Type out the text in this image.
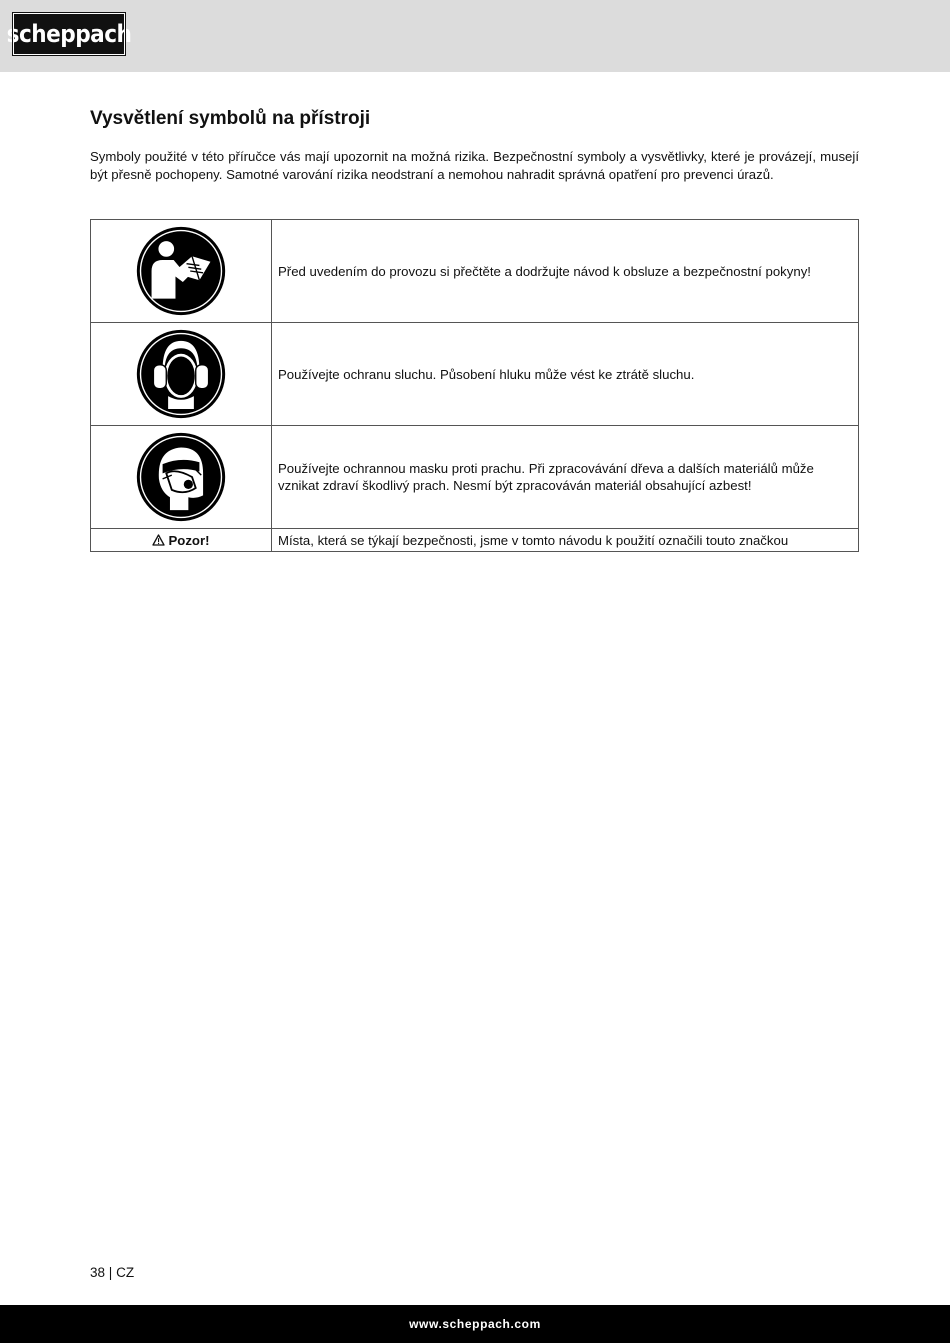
scheppach
Vysvětlení symbolů na přístroji

Symboly použité v této příručce vás mají upozornit na možná rizika. Bezpečnostní symboly a vysvětlivky, které je provázejí, musejí být přesně pochopeny. Samotné varování rizika neodstraní a nemohou nahradit správná opatření pro prevenci úrazů.

	Před uvedením do provozu si přečtěte a dodržujte návod k obsluze a bezpečnostní pokyny!
	Používejte ochranu sluchu. Působení hluku může vést ke ztrátě sluchu.
	Používejte ochrannou masku proti prachu. Při zpracovávání dřeva a dalších materiálů může vznikat zdraví škodlivý prach. Nesmí být zpracováván materiál obsahující azbest!
Pozor!	Místa, která se týkají bezpečnosti, jsme v tomto návodu k použití označili touto značkou
38 | CZ
www.scheppach.com
